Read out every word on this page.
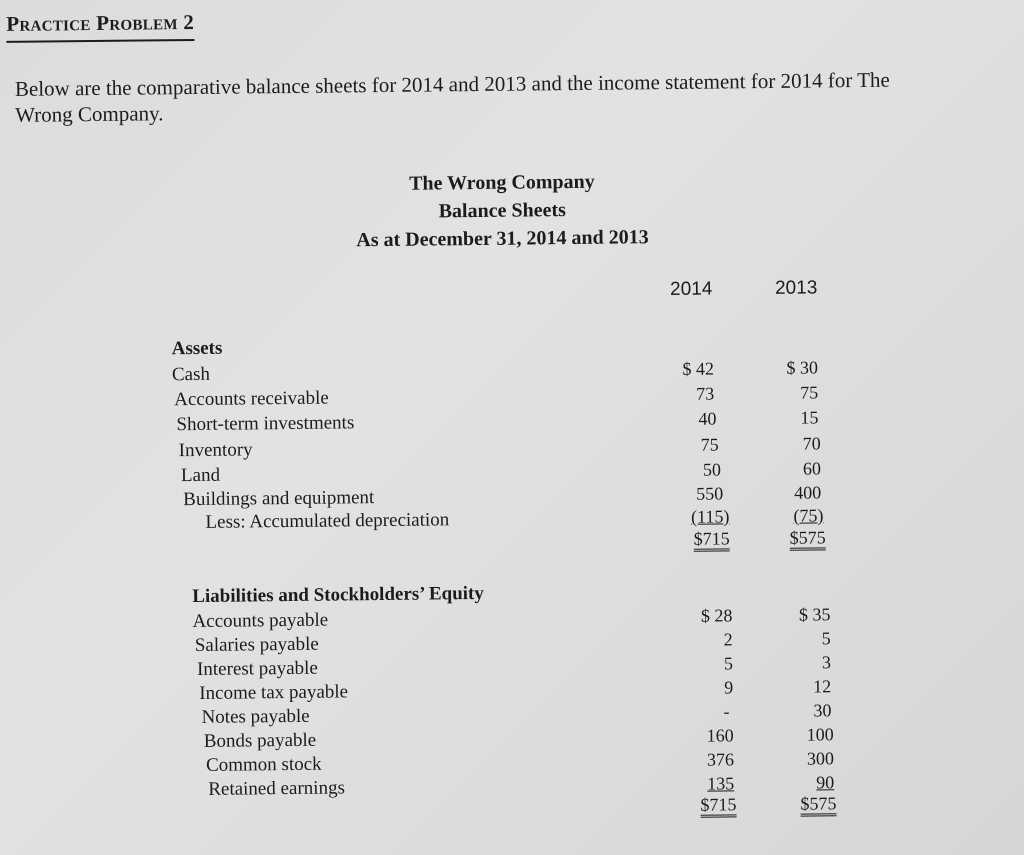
Practice Problem 2
Below are the comparative balance sheets for 2014 and 2013 and the income statement for 2014 for The Wrong Company.
The Wrong Company
Balance Sheets
As at December 31, 2014 and 2013
2014	2013
Assets
Cash	$ 42	$ 30
Accounts receivable	73	75
Short-term investments	40	15
Inventory	75	70
Land	50	60
Buildings and equipment	550	400
Less: Accumulated depreciation	(115)	(75)
$715	$575
Liabilities and Stockholders’ Equity
Accounts payable	$ 28	$ 35
Salaries payable	2	5
Interest payable	5	3
Income tax payable	9	12
Notes payable	-	30
Bonds payable	160	100
Common stock	376	300
Retained earnings	135	90
$715	$575
